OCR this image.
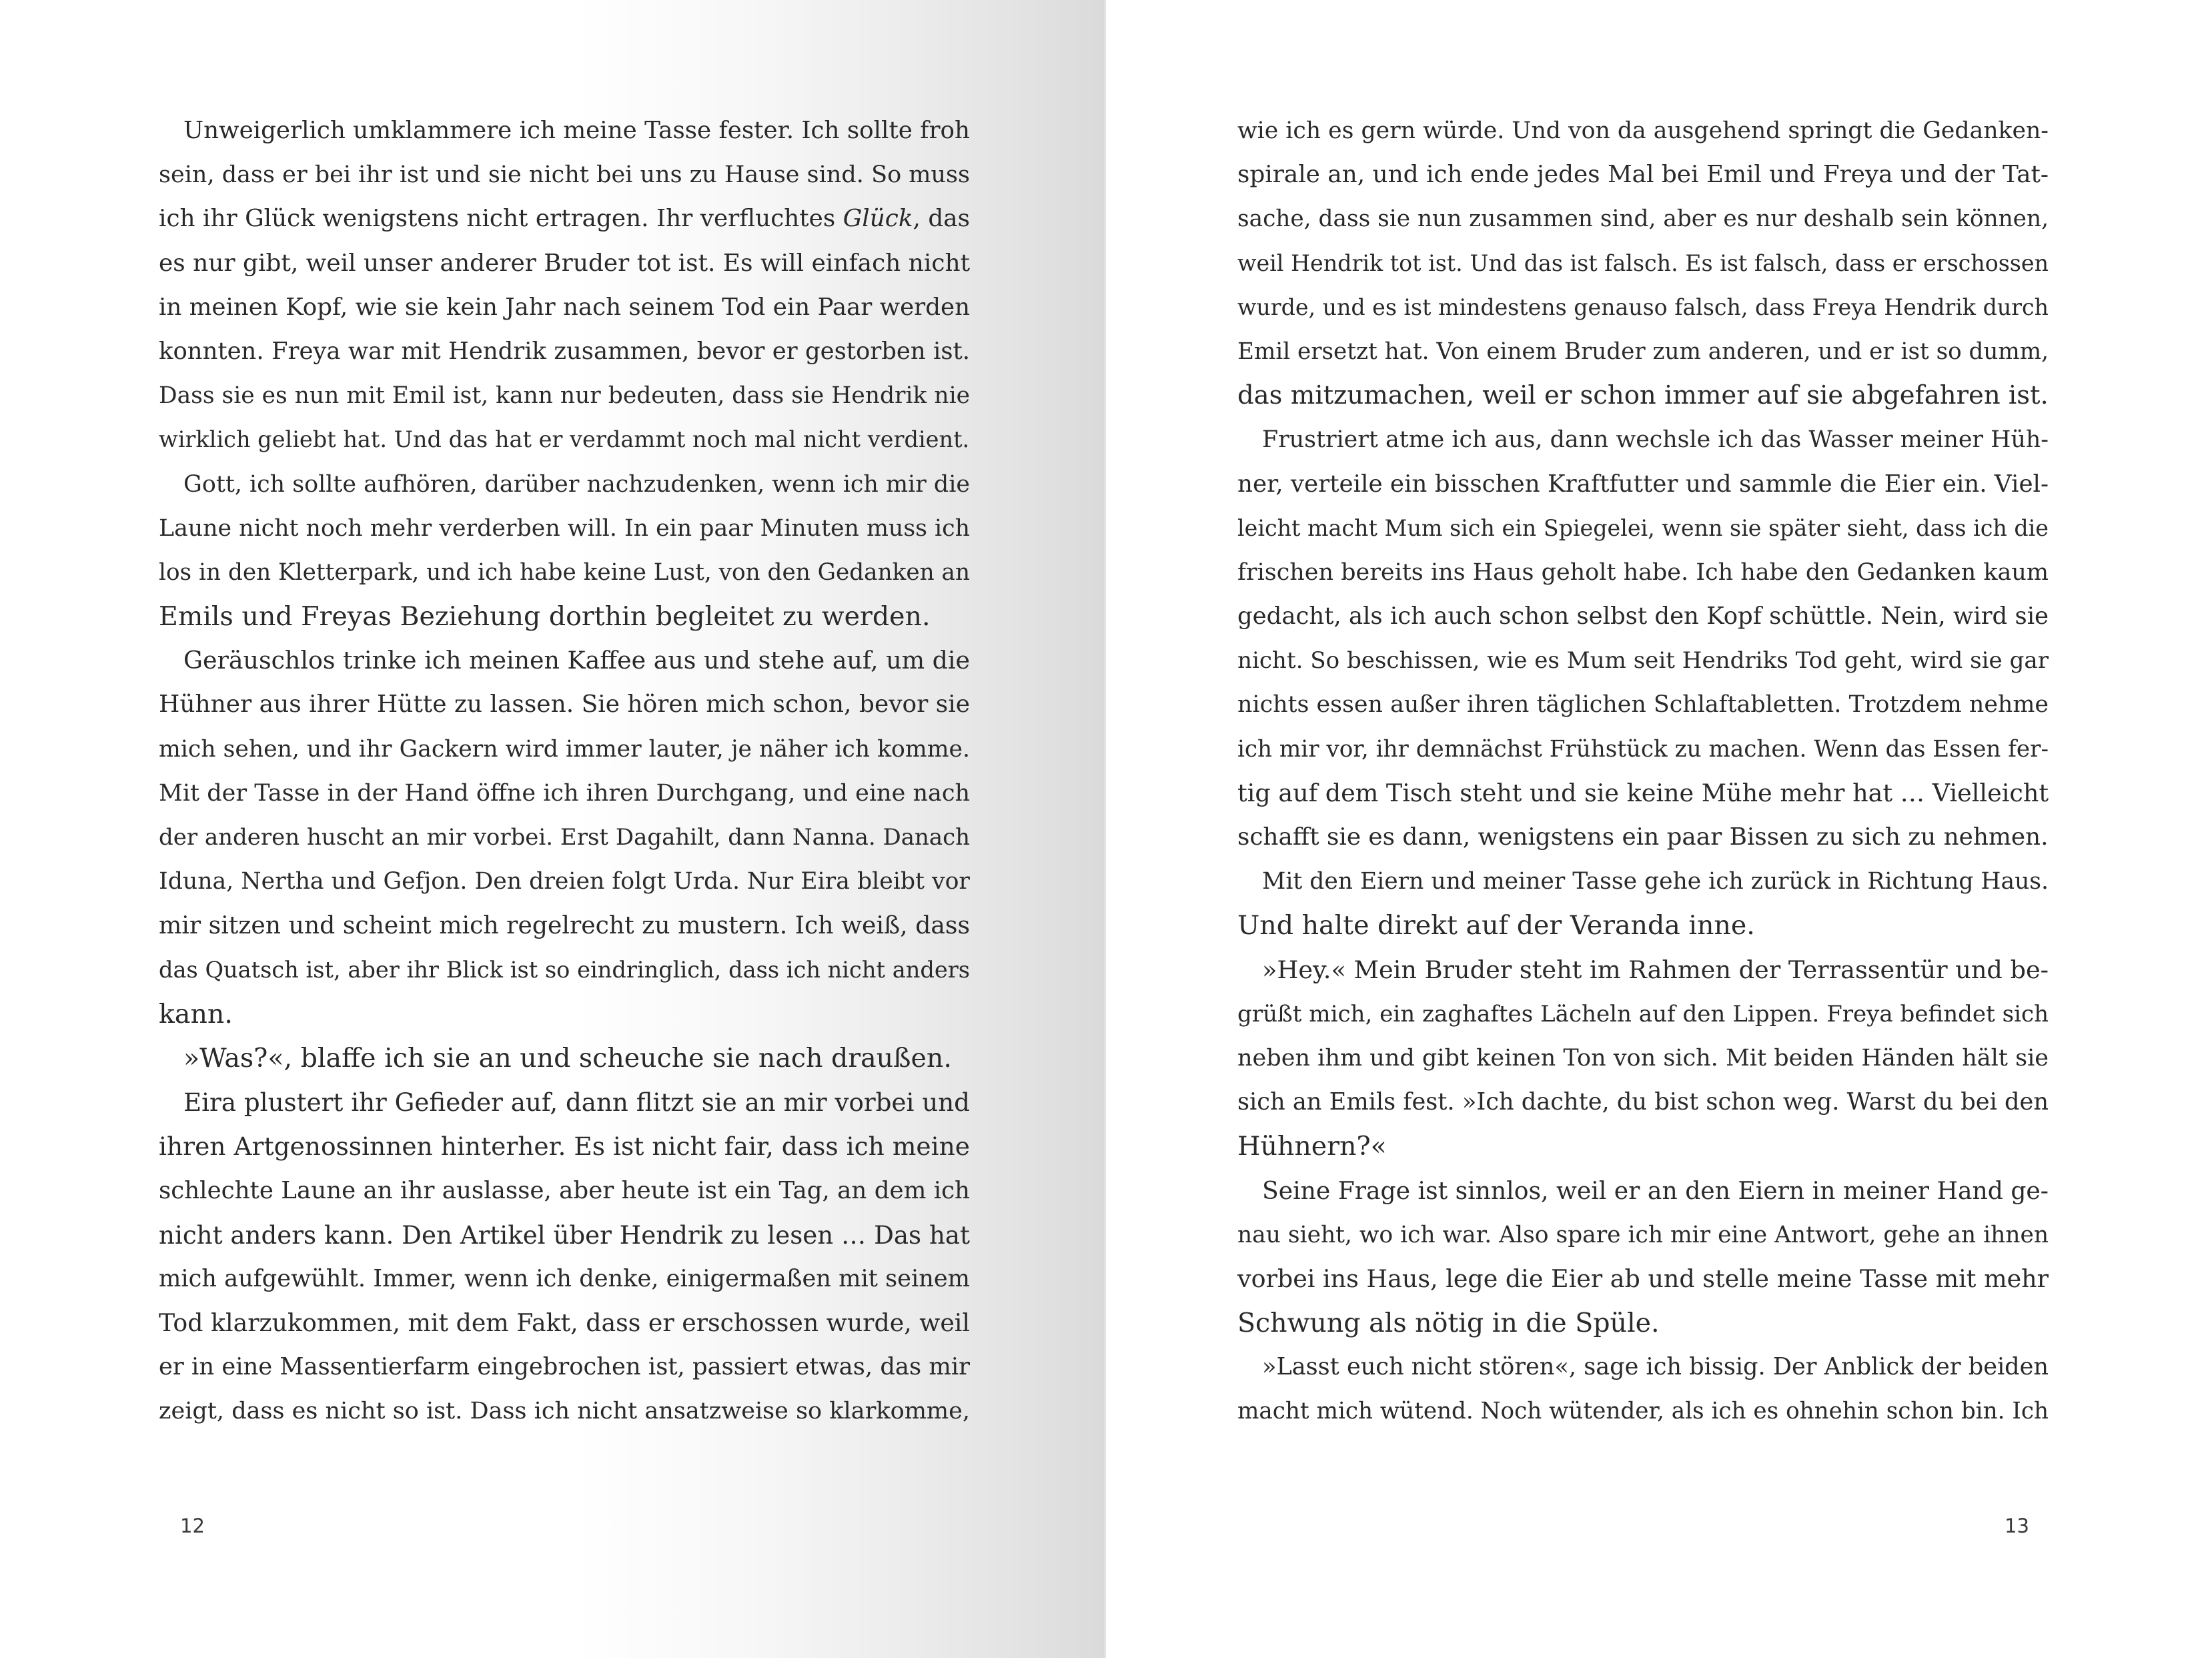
Unweigerlich umklammere ich meine Tasse fester. Ich sollte froh
sein, dass er bei ihr ist und sie nicht bei uns zu Hause sind. So muss
ich ihr Glück wenigstens nicht ertragen. Ihr verfluchtes Glück, das
es nur gibt, weil unser anderer Bruder tot ist. Es will einfach nicht
in meinen Kopf, wie sie kein Jahr nach seinem Tod ein Paar werden
konnten. Freya war mit Hendrik zusammen, bevor er gestorben ist.
Dass sie es nun mit Emil ist, kann nur bedeuten, dass sie Hendrik nie
wirklich geliebt hat. Und das hat er verdammt noch mal nicht verdient.
Gott, ich sollte aufhören, darüber nachzudenken, wenn ich mir die
Laune nicht noch mehr verderben will. In ein paar Minuten muss ich
los in den Kletterpark, und ich habe keine Lust, von den Gedanken an
Emils und Freyas Beziehung dorthin begleitet zu werden.
Geräuschlos trinke ich meinen Kaffee aus und stehe auf, um die
Hühner aus ihrer Hütte zu lassen. Sie hören mich schon, bevor sie
mich sehen, und ihr Gackern wird immer lauter, je näher ich komme.
Mit der Tasse in der Hand öffne ich ihren Durchgang, und eine nach
der anderen huscht an mir vorbei. Erst Dagahilt, dann Nanna. Danach
Iduna, Nertha und Gefjon. Den dreien folgt Urda. Nur Eira bleibt vor
mir sitzen und scheint mich regelrecht zu mustern. Ich weiß, dass
das Quatsch ist, aber ihr Blick ist so eindringlich, dass ich nicht anders
kann.
»Was?«, blaffe ich sie an und scheuche sie nach draußen.
Eira plustert ihr Gefieder auf, dann flitzt sie an mir vorbei und
ihren Artgenossinnen hinterher. Es ist nicht fair, dass ich meine
schlechte Laune an ihr auslasse, aber heute ist ein Tag, an dem ich
nicht anders kann. Den Artikel über Hendrik zu lesen … Das hat
mich aufgewühlt. Immer, wenn ich denke, einigermaßen mit seinem
Tod klarzukommen, mit dem Fakt, dass er erschossen wurde, weil
er in eine Massentierfarm eingebrochen ist, passiert etwas, das mir
zeigt, dass es nicht so ist. Dass ich nicht ansatzweise so klarkomme,
12
wie ich es gern würde. Und von da ausgehend springt die Gedanken-
spirale an, und ich ende jedes Mal bei Emil und Freya und der Tat-
sache, dass sie nun zusammen sind, aber es nur deshalb sein können,
weil Hendrik tot ist. Und das ist falsch. Es ist falsch, dass er erschossen
wurde, und es ist mindestens genauso falsch, dass Freya Hendrik durch
Emil ersetzt hat. Von einem Bruder zum anderen, und er ist so dumm,
das mitzumachen, weil er schon immer auf sie abgefahren ist.
Frustriert atme ich aus, dann wechsle ich das Wasser meiner Hüh-
ner, verteile ein bisschen Kraftfutter und sammle die Eier ein. Viel-
leicht macht Mum sich ein Spiegelei, wenn sie später sieht, dass ich die
frischen bereits ins Haus geholt habe. Ich habe den Gedanken kaum
gedacht, als ich auch schon selbst den Kopf schüttle. Nein, wird sie
nicht. So beschissen, wie es Mum seit Hendriks Tod geht, wird sie gar
nichts essen außer ihren täglichen Schlaftabletten. Trotzdem nehme
ich mir vor, ihr demnächst Frühstück zu machen. Wenn das Essen fer-
tig auf dem Tisch steht und sie keine Mühe mehr hat … Vielleicht
schafft sie es dann, wenigstens ein paar Bissen zu sich zu nehmen.
Mit den Eiern und meiner Tasse gehe ich zurück in Richtung Haus.
Und halte direkt auf der Veranda inne.
»Hey.« Mein Bruder steht im Rahmen der Terrassentür und be-
grüßt mich, ein zaghaftes Lächeln auf den Lippen. Freya befindet sich
neben ihm und gibt keinen Ton von sich. Mit beiden Händen hält sie
sich an Emils fest. »Ich dachte, du bist schon weg. Warst du bei den
Hühnern?«
Seine Frage ist sinnlos, weil er an den Eiern in meiner Hand ge-
nau sieht, wo ich war. Also spare ich mir eine Antwort, gehe an ihnen
vorbei ins Haus, lege die Eier ab und stelle meine Tasse mit mehr
Schwung als nötig in die Spüle.
»Lasst euch nicht stören«, sage ich bissig. Der Anblick der beiden
macht mich wütend. Noch wütender, als ich es ohnehin schon bin. Ich
13
